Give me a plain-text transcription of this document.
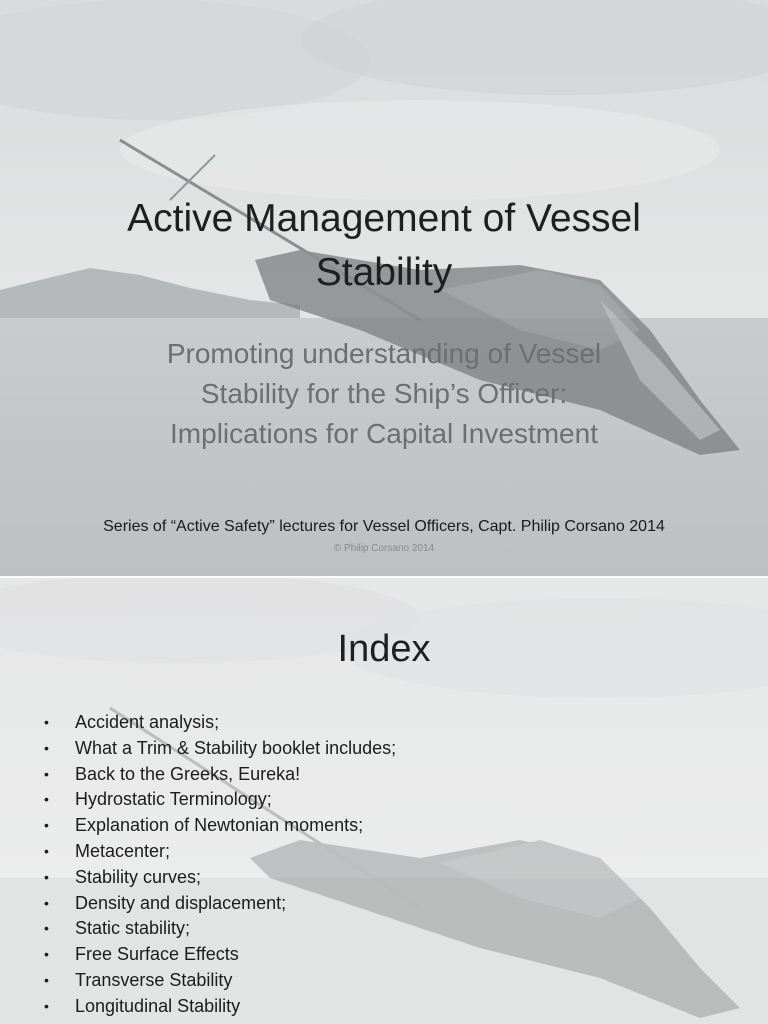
Active Management of Vessel Stability
Promoting understanding of Vessel
Stability for the Ship’s Officer:
Implications for Capital Investment
Series of “Active Safety” lectures for Vessel Officers, Capt. Philip Corsano 2014
© Philip Corsano 2014
Index
• Accident analysis;
• What a Trim & Stability booklet includes;
• Back to the Greeks, Eureka!
• Hydrostatic Terminology;
• Explanation of Newtonian moments;
• Metacenter;
• Stability curves;
• Density and displacement;
• Static stability;
• Free Surface Effects
• Transverse Stability
• Longitudinal Stability
